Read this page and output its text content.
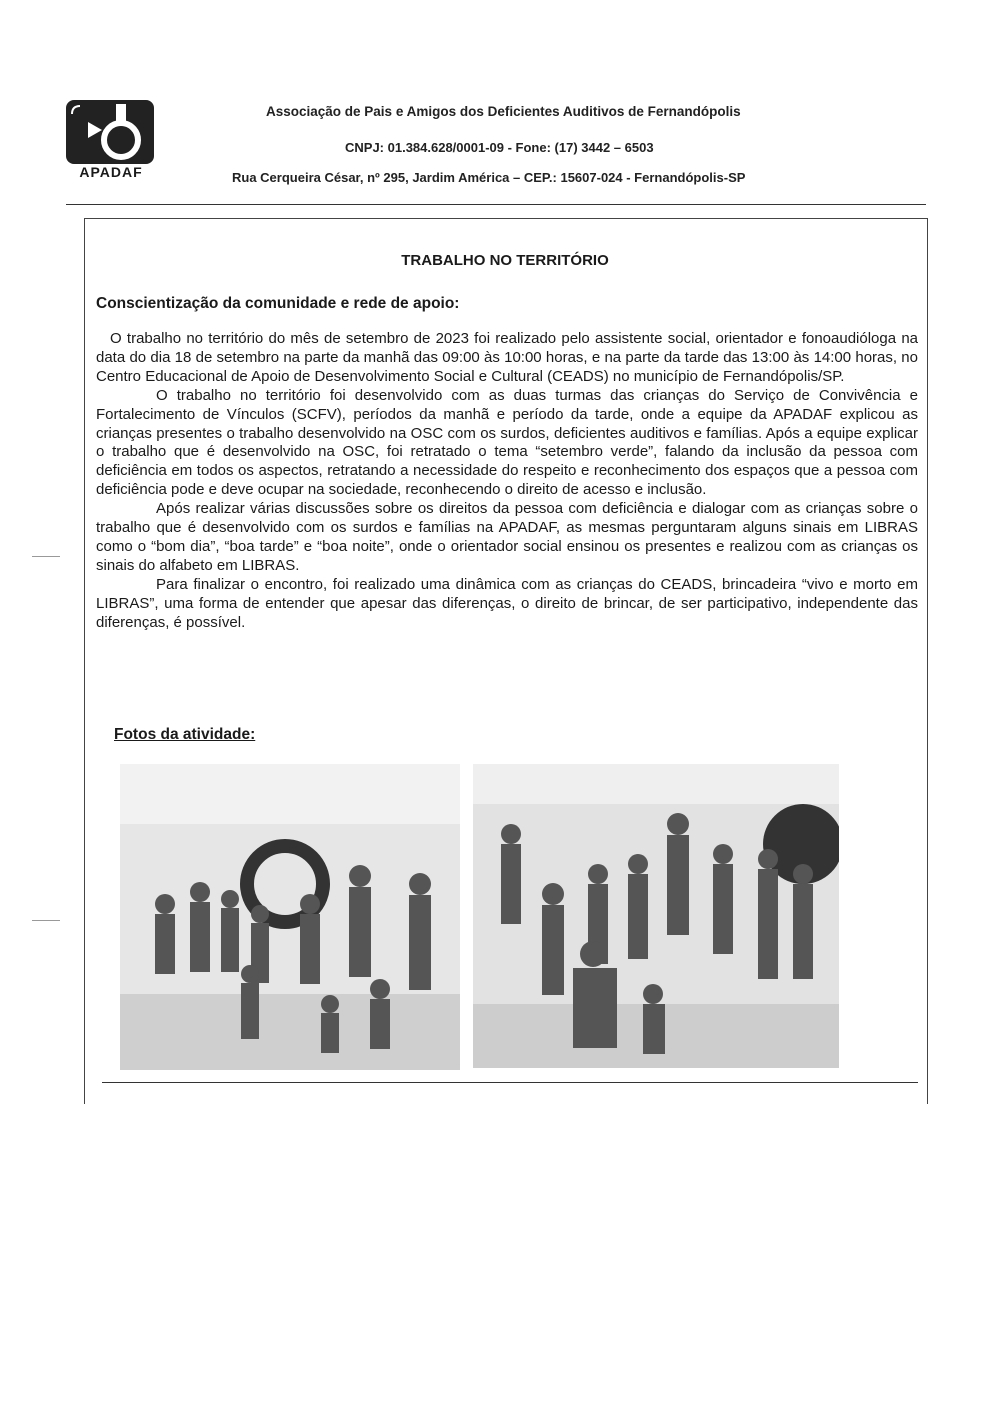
APADAF
Associação de Pais e Amigos dos Deficientes Auditivos de Fernandópolis
CNPJ: 01.384.628/0001-09 - Fone: (17) 3442 – 6503
Rua Cerqueira César, nº 295, Jardim América – CEP.: 15607-024 - Fernandópolis-SP
TRABALHO NO TERRITÓRIO
Conscientização da comunidade e rede de apoio:

O trabalho no território do mês de setembro de 2023 foi realizado pelo assistente social, orientador e fonoaudióloga na data do dia 18 de setembro na parte da manhã das 09:00 às 10:00 horas, e na parte da tarde das 13:00 às 14:00 horas, no Centro Educacional de Apoio de Desenvolvimento Social e Cultural (CEADS) no município de Fernandópolis/SP.

O trabalho no território foi desenvolvido com as duas turmas das crianças do Serviço de Convivência e Fortalecimento de Vínculos (SCFV), períodos da manhã e período da tarde, onde a equipe da APADAF explicou as crianças presentes o trabalho desenvolvido na OSC com os surdos, deficientes auditivos e famílias. Após a equipe explicar o trabalho que é desenvolvido na OSC, foi retratado o tema “setembro verde”, falando da inclusão da pessoa com deficiência em todos os aspectos, retratando a necessidade do respeito e reconhecimento dos espaços que a pessoa com deficiência pode e deve ocupar na sociedade, reconhecendo o direito de acesso e inclusão.

Após realizar várias discussões sobre os direitos da pessoa com deficiência e dialogar com as crianças sobre o trabalho que é desenvolvido com os surdos e famílias na APADAF, as mesmas perguntaram alguns sinais em LIBRAS como o “bom dia”, “boa tarde” e “boa noite”, onde o orientador social ensinou os presentes e realizou com as crianças os sinais do alfabeto em LIBRAS.

Para finalizar o encontro, foi realizado uma dinâmica com as crianças do CEADS, brincadeira “vivo e morto em LIBRAS”, uma forma de entender que apesar das diferenças, o direito de brincar, de ser participativo, independente das diferenças, é possível.

Fotos da atividade:
